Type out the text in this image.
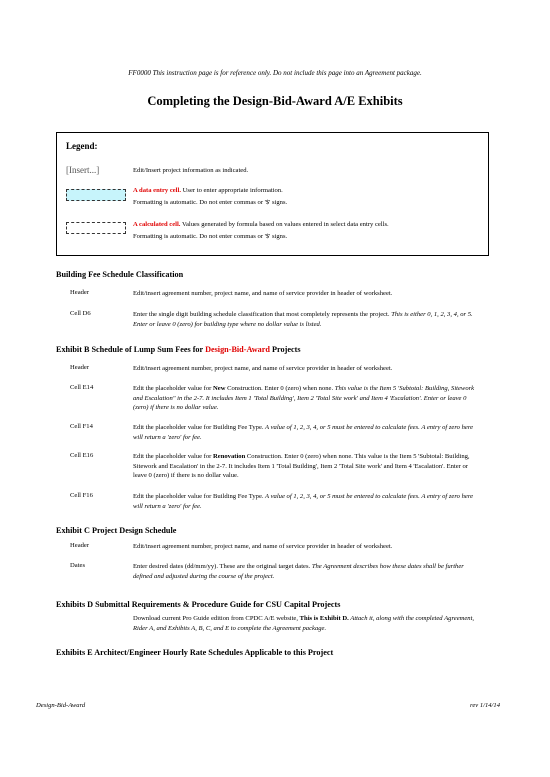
FF0000 This instruction page is for reference only. Do not include this page into an Agreement package.
Completing the Design-Bid-Award A/E Exhibits
Legend:
[Insert...]	Edit/Insert project information as indicated.
A data entry cell. User to enter appropriate information.
Formatting is automatic. Do not enter commas or '$' signs.
A calculated cell. Values generated by formula based on values entered in select data entry cells.
Formatting is automatic. Do not enter commas or '$' signs.
Building Fee Schedule Classification
Header	Edit/insert agreement number, project name, and name of service provider in header of worksheet.
Cell D6	Enter the single digit building schedule classification that most completely represents the project. This is either 0, 1, 2, 3, 4, or 5. Enter or leave 0 (zero) for building type where no dollar value is listed.
Exhibit B Schedule of Lump Sum Fees for Design-Bid-Award Projects
Header	Edit/insert agreement number, project name, and name of service provider in header of worksheet.
Cell E14	Edit the placeholder value for New Construction. Enter 0 (zero) when none. This value is the Item 5 'Subtotal: Building, Sitework and Escalation" in the 2-7. It includes Item 1 'Total Building', Item 2 'Total Site work' and Item 4 'Escalation'. Enter or leave 0 (zero) if there is no dollar value.
Cell F14	Edit the placeholder value for Building Fee Type. A value of 1, 2, 3, 4, or 5 must be entered to calculate fees. A entry of zero here will return a 'zero' for fee.
Cell E16	Edit the placeholder value for Renovation Construction. Enter 0 (zero) when none. This value is the Item 5 'Subtotal: Building, Sitework and Escalation' in the 2-7. It includes Item 1 'Total Building', Item 2 'Total Site work' and Item 4 'Escalation'. Enter or leave 0 (zero) if there is no dollar value.
Cell F16	Edit the placeholder value for Building Fee Type. A value of 1, 2, 3, 4, or 5 must be entered to calculate fees. A entry of zero here will return a 'zero' for fee.
Exhibit C Project Design Schedule
Header	Edit/insert agreement number, project name, and name of service provider in header of worksheet.
Dates	Enter desired dates (dd/mm/yy). These are the original target dates. The Agreement describes how these dates shall be further defined and adjusted during the course of the project.
Exhibits D Submittal Requirements & Procedure Guide for CSU Capital Projects
Download current Pro Guide edition from CPDC A/E website, This is Exhibit D. Attach it, along with the completed Agreement, Rider A, and Exhibits A, B, C, and E to complete the Agreement package.
Exhibits E Architect/Engineer Hourly Rate Schedules Applicable to this Project
Design-Bid-Award	rev 1/14/14
